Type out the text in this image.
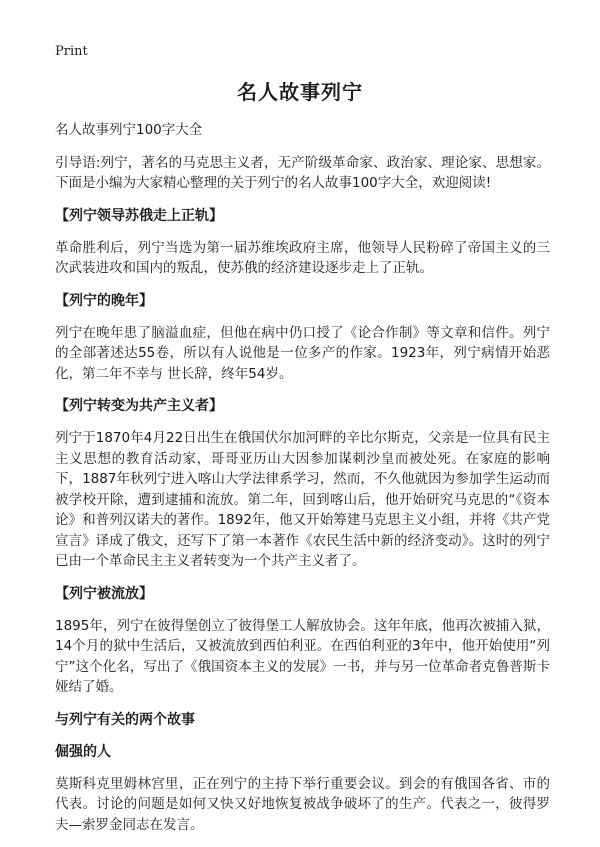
Print
名人故事列宁

名人故事列宁100字大全

引导语:列宁，著名的马克思主义者，无产阶级革命家、政治家、理论家、思想家。下面是小编为大家精心整理的关于列宁的名人故事100字大全，欢迎阅读!

【列宁领导苏俄走上正轨】

革命胜利后，列宁当选为第一届苏维埃政府主席，他领导人民粉碎了帝国主义的三次武装进攻和国内的叛乱，使苏俄的经济建设逐步走上了正轨。

【列宁的晚年】

列宁在晚年患了脑溢血症，但他在病中仍口授了《论合作制》等文章和信件。列宁的全部著述达55卷，所以有人说他是一位多产的作家。1923年，列宁病情开始恶化，第二年不幸与 世长辞，终年54岁。

【列宁转变为共产主义者】

列宁于1870年4月22日出生在俄国伏尔加河畔的辛比尔斯克，父亲是一位具有民主主义思想的教育活动家，哥哥亚历山大因参加谋刺沙皇而被处死。在家庭的影响下，1887年秋列宁进入喀山大学法律系学习，然而，不久他就因为参加学生运动而被学校开除，遭到逮捕和流放。第二年，回到喀山后，他开始研究马克思的“《资本论》和普列汉诺夫的著作。1892年，他又开始筹建马克思主义小组，并将《共产党宣言》译成了俄文，还写下了第一本著作《农民生活中新的经济变动》。这时的列宁已由一个革命民主主义者转变为一个共产主义者了。

【列宁被流放】

1895年，列宁在彼得堡创立了彼得堡工人解放协会。这年年底，他再次被捕入狱，14个月的狱中生活后，又被流放到西伯利亚。在西伯利亚的3年中，他开始使用“列宁”这个化名，写出了《俄国资本主义的发展》一书，并与另一位革命者克鲁普斯卡娅结了婚。

与列宁有关的两个故事
倔强的人

莫斯科克里姆林宫里，正在列宁的主持下举行重要会议。到会的有俄国各省、市的代表。讨论的问题是如何又快又好地恢复被战争破坏了的生产。代表之一，彼得罗夫—索罗金同志在发言。
